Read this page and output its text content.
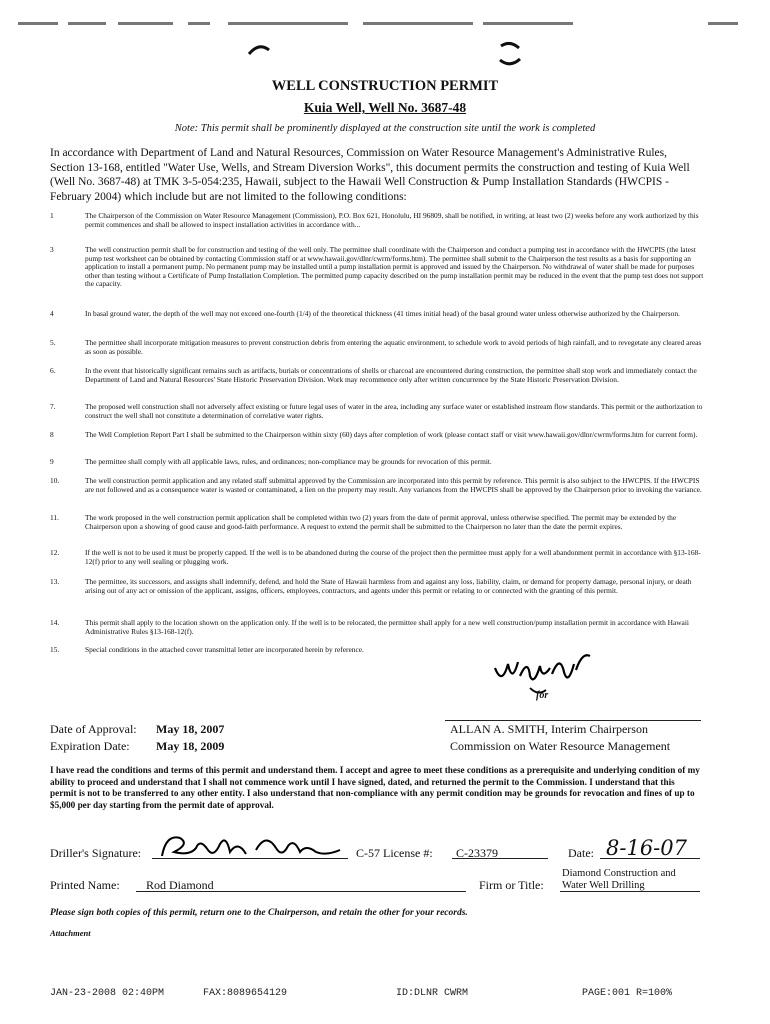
WELL CONSTRUCTION PERMIT
Kuia Well, Well No. 3687-48
Note: This permit shall be prominently displayed at the construction site until the work is completed
In accordance with Department of Land and Natural Resources, Commission on Water Resource Management's Administrative Rules, Section 13-168, entitled "Water Use, Wells, and Stream Diversion Works", this document permits the construction and testing of Kuia Well (Well No. 3687-48) at TMK 3-5-054:235, Hawaii, subject to the Hawaii Well Construction & Pump Installation Standards (HWCPIS - February 2004) which include but are not limited to the following conditions:
1	The Chairperson of the Commission on Water Resource Management (Commission), P.O. Box 621, Honolulu, HI 96809, shall be notified, in writing, at least two (2) weeks before any work authorized by this permit commences and shall be allowed to inspect installation activities in accordance with...
3	The well construction permit shall be for construction and testing of the well only. The permittee shall coordinate with the Chairperson and conduct a pumping test in accordance with the HWCPIS (the latest pump test worksheet can be obtained by contacting Commission staff or at www.hawaii.gov/dlnr/cwrm/forms.htm). The permittee shall submit to the Chairperson the test results as a basis for supporting an application to install a permanent pump. No permanent pump may be installed until a pump installation permit is approved and issued by the Chairperson. No withdrawal of water shall be made for purposes other than testing without a Certificate of Pump Installation Completion. The permitted pump capacity described on the pump installation permit may be reduced in the event that the pump test does not support the capacity.
4	In basal ground water, the depth of the well may not exceed one-fourth (1/4) of the theoretical thickness (41 times initial head) of the basal ground water unless otherwise authorized by the Chairperson.
5.	The permittee shall incorporate mitigation measures to prevent construction debris from entering the aquatic environment, to schedule work to avoid periods of high rainfall, and to revegetate any cleared areas as soon as possible.
6.	In the event that historically significant remains such as artifacts, burials or concentrations of shells or charcoal are encountered during construction, the permittee shall stop work and immediately contact the Department of Land and Natural Resources' State Historic Preservation Division. Work may recommence only after written concurrence by the State Historic Preservation Division.
7.	The proposed well construction shall not adversely affect existing or future legal uses of water in the area, including any surface water or established instream flow standards. This permit or the authorization to construct the well shall not constitute a determination of correlative water rights.
8	The Well Completion Report Part I shall be submitted to the Chairperson within sixty (60) days after completion of work (please contact staff or visit www.hawaii.gov/dlnr/cwrm/forms.htm for current form).
9	The permittee shall comply with all applicable laws, rules, and ordinances; non-compliance may be grounds for revocation of this permit.
10.	The well construction permit application and any related staff submittal approved by the Commission are incorporated into this permit by reference. This permit is also subject to the HWCPIS. If the HWCPIS are not followed and as a consequence water is wasted or contaminated, a lien on the property may result. Any variances from the HWCPIS shall be approved by the Chairperson prior to invoking the variance.
11.	The work proposed in the well construction permit application shall be completed within two (2) years from the date of permit approval, unless otherwise specified. The permit may be extended by the Chairperson upon a showing of good cause and good-faith performance. A request to extend the permit shall be submitted to the Chairperson no later than the date the permit expires.
12.	If the well is not to be used it must be properly capped. If the well is to be abandoned during the course of the project then the permittee must apply for a well abandonment permit in accordance with §13-168-12(f) prior to any well sealing or plugging work.
13.	The permittee, its successors, and assigns shall indemnify, defend, and hold the State of Hawaii harmless from and against any loss, liability, claim, or demand for property damage, personal injury, or death arising out of any act or omission of the applicant, assigns, officers, employees, contractors, and agents under this permit or relating to or connected with the granting of this permit.
14.	This permit shall apply to the location shown on the application only. If the well is to be relocated, the permittee shall apply for a new well construction/pump installation permit in accordance with Hawaii Administrative Rules §13-168-12(f).
15.	Special conditions in the attached cover transmittal letter are incorporated herein by reference.
for
Date of Approval: May 18, 2007
Expiration Date: May 18, 2009
ALLAN A. SMITH, Interim Chairperson
Commission on Water Resource Management
I have read the conditions and terms of this permit and understand them. I accept and agree to meet these conditions as a prerequisite and underlying condition of my ability to proceed and understand that I shall not commence work until I have signed, dated, and returned the permit to the Commission. I understand that this permit is not to be transferred to any other entity. I also understand that non-compliance with any permit condition may be grounds for revocation and fines of up to $5,000 per day starting from the permit date of approval.
Driller's Signature:	C-57 License #: C-23379	Date: 8-16-07
Printed Name: Rod Diamond	Firm or Title:
Diamond Construction and
Water Well Drilling
Please sign both copies of this permit, return one to the Chairperson, and retain the other for your records.
Attachment
JAN-23-2008 02:40PM	FAX:8089654129	ID:DLNR CWRM	PAGE:001 R=100%
